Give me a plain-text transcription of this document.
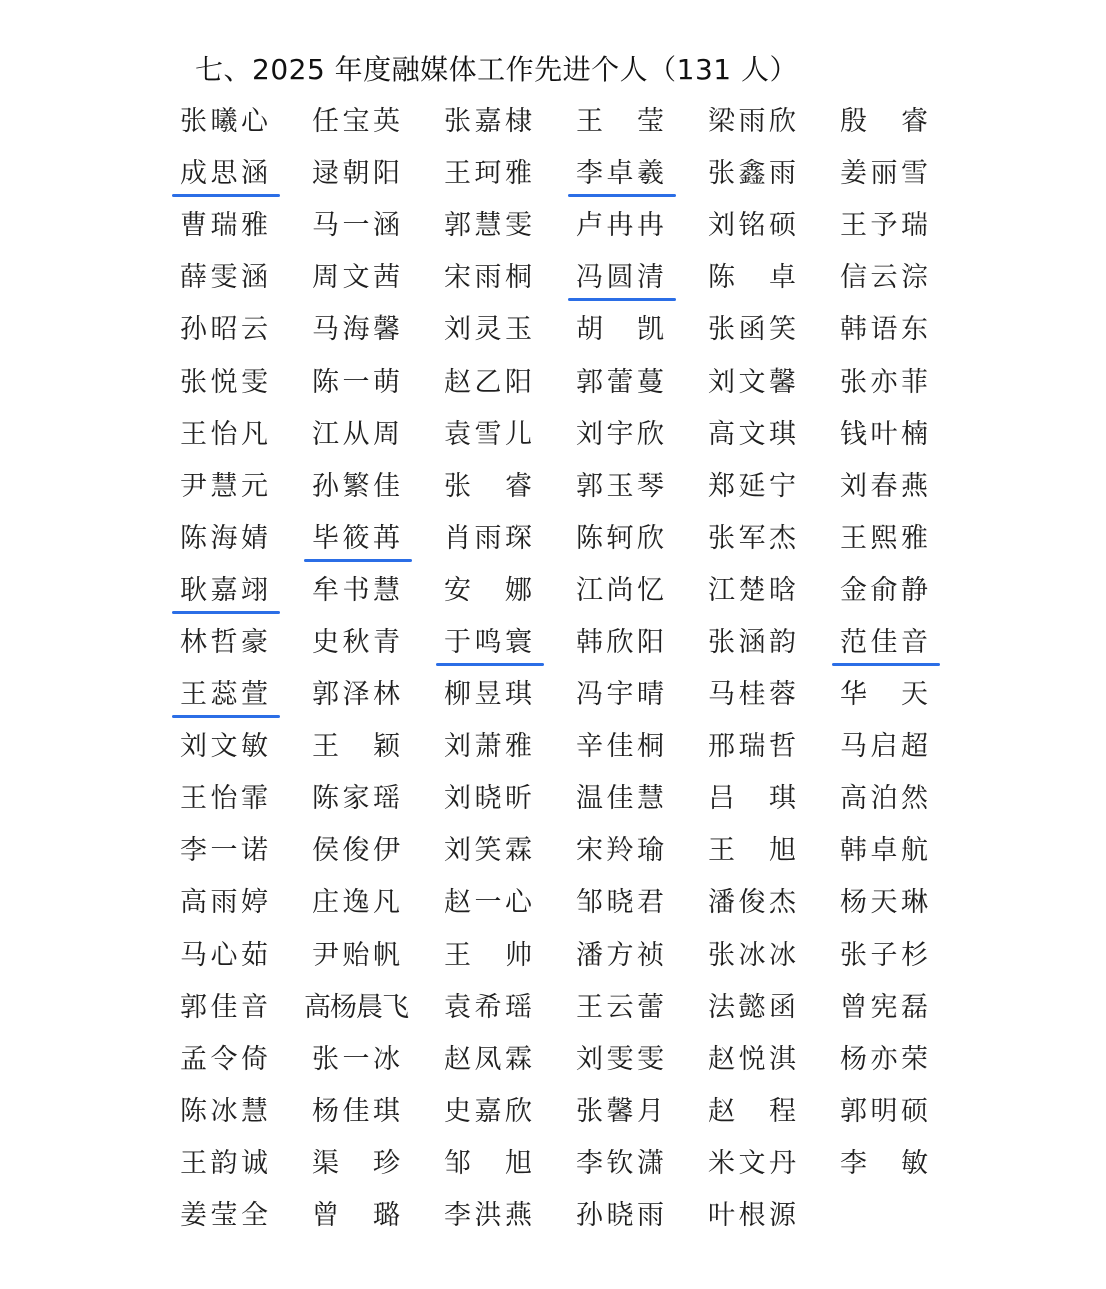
七、2025 年度融媒体工作先进个人（131 人）
张曦心 任宝英 张嘉棣 王莹 梁雨欣 殷睿
成思涵 逯朝阳 王珂雅 李卓羲 张鑫雨 姜丽雪
曹瑞雅 马一涵 郭慧雯 卢冉冉 刘铭硕 王予瑞
薛雯涵 周文茜 宋雨桐 冯圆清 陈卓 信云淙
孙昭云 马海馨 刘灵玉 胡凯 张函笑 韩语东
张悦雯 陈一萌 赵乙阳 郭蕾蔓 刘文馨 张亦菲
王怡凡 江从周 袁雪儿 刘宇欣 高文琪 钱叶楠
尹慧元 孙繁佳 张睿 郭玉琴 郑延宁 刘春燕
陈海婧 毕筱苒 肖雨琛 陈轲欣 张军杰 王熙雅
耿嘉翊 牟书慧 安娜 江尚忆 江楚晗 金俞静
林哲豪 史秋青 于鸣寰 韩欣阳 张涵韵 范佳音
王蕊萱 郭泽林 柳昱琪 冯宇晴 马桂蓉 华天
刘文敏 王颖 刘萧雅 辛佳桐 邢瑞哲 马启超
王怡霏 陈家瑶 刘晓昕 温佳慧 吕琪 高泊然
李一诺 侯俊伊 刘笑霖 宋羚瑜 王旭 韩卓航
高雨婷 庄逸凡 赵一心 邹晓君 潘俊杰 杨天琳
马心茹 尹贻帆 王帅 潘方祯 张冰冰 张子杉
郭佳音 高杨晨飞 袁希瑶 王云蕾 法懿函 曾宪磊
孟令倚 张一冰 赵凤霖 刘雯雯 赵悦淇 杨亦荣
陈冰慧 杨佳琪 史嘉欣 张馨月 赵程 郭明硕
王韵诚 渠珍 邹旭 李钦潇 米文丹 李敏
姜莹全 曾璐 李洪燕 孙晓雨 叶根源
